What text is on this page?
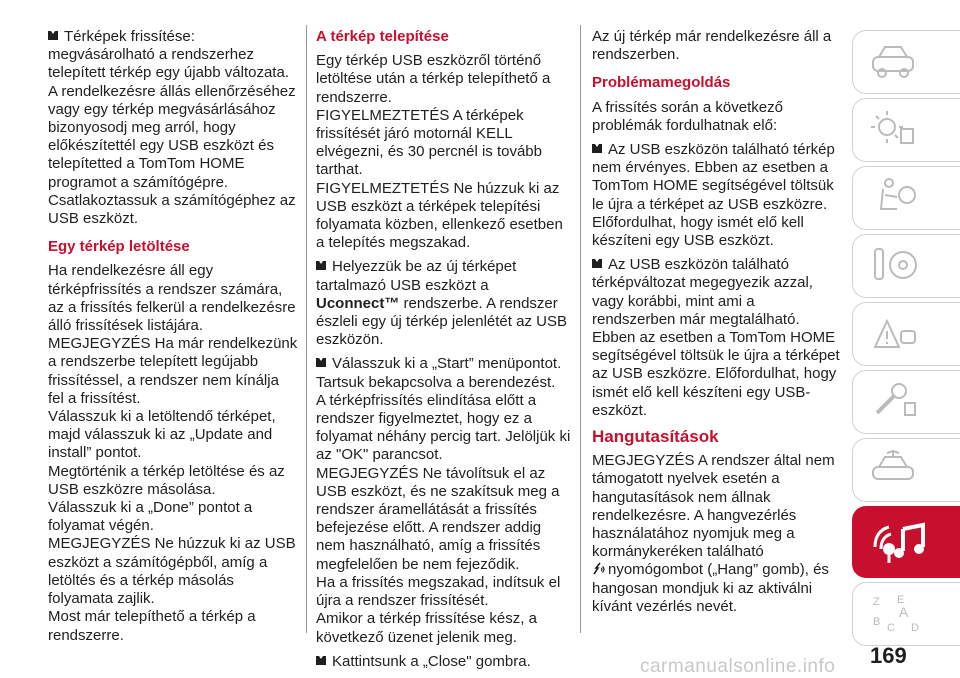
Térképek frissítése: megvásárolható a rendszerhez telepített térkép egy újabb változata.

A rendelkezésre állás ellenőrzéséhez vagy egy térkép megvásárlásához bizonyosodj meg arról, hogy előkészítettél egy USB eszközt és telepítetted a TomTom HOME programot a számítógépre.

Csatlakoztassuk a számítógéphez az USB eszközt.

Egy térkép letöltése

Ha rendelkezésre áll egy térképfrissítés a rendszer számára, az a frissítés felkerül a rendelkezésre álló frissítések listájára.

MEGJEGYZÉS Ha már rendelkezünk a rendszerbe telepített legújabb frissítéssel, a rendszer nem kínálja fel a frissítést.

Válasszuk ki a letöltendő térképet, majd válasszuk ki az „Update and install” pontot.

Megtörténik a térkép letöltése és az USB eszközre másolása.

Válasszuk ki a „Done” pontot a folyamat végén.

MEGJEGYZÉS Ne húzzuk ki az USB eszközt a számítógépből, amíg a letöltés és a térkép másolás folyamata zajlik.

Most már telepíthető a térkép a rendszerre.

A térkép telepítése

Egy térkép USB eszközről történő letöltése után a térkép telepíthető a rendszerre.

FIGYELMEZTETÉS A térképek frissítését járó motornál KELL elvégezni, és 30 percnél is tovább tarthat.

FIGYELMEZTETÉS Ne húzzuk ki az USB eszközt a térképek telepítési folyamata közben, ellenkező esetben a telepítés megszakad.

Helyezzük be az új térképet tartalmazó USB eszközt a Uconnect™ rendszerbe. A rendszer észleli egy új térkép jelenlétét az USB eszközön.

Válasszuk ki a „Start” menüpontot.

Tartsuk bekapcsolva a berendezést.

A térképfrissítés elindítása előtt a rendszer figyelmeztet, hogy ez a folyamat néhány percig tart. Jelöljük ki az "OK" parancsot.

MEGJEGYZÉS Ne távolítsuk el az USB eszközt, és ne szakítsuk meg a rendszer áramellátását a frissítés befejezése előtt. A rendszer addig nem használható, amíg a frissítés megfelelően be nem fejeződik.

Ha a frissítés megszakad, indítsuk el újra a rendszer frissítését.

Amikor a térkép frissítése kész, a következő üzenet jelenik meg.

Kattintsunk a „Close" gombra.

Az új térkép már rendelkezésre áll a rendszerben.

Problémamegoldás

A frissítés során a következő problémák fordulhatnak elő:

Az USB eszközön található térkép nem érvényes. Ebben az esetben a TomTom HOME segítségével töltsük le újra a térképet az USB eszközre. Előfordulhat, hogy ismét elő kell készíteni egy USB eszközt.

Az USB eszközön található térképváltozat megegyezik azzal, vagy korábbi, mint ami a rendszerben már megtalálható. Ebben az esetben a TomTom HOME segítségével töltsük le újra a térképet az USB eszközre. Előfordulhat, hogy ismét elő kell készíteni egy USB-eszközt.

Hangutasítások

MEGJEGYZÉS A rendszer által nem támogatott nyelvek esetén a hangutasítások nem állnak rendelkezésre. A hangvezérlés használatához nyomjuk meg a kormánykeréken található

nyomógombot („Hang” gomb), és hangosan mondjuk ki az aktiválni kívánt vezérlés nevét.	Z E
B C
A
D
169
carmanualsonline.info
